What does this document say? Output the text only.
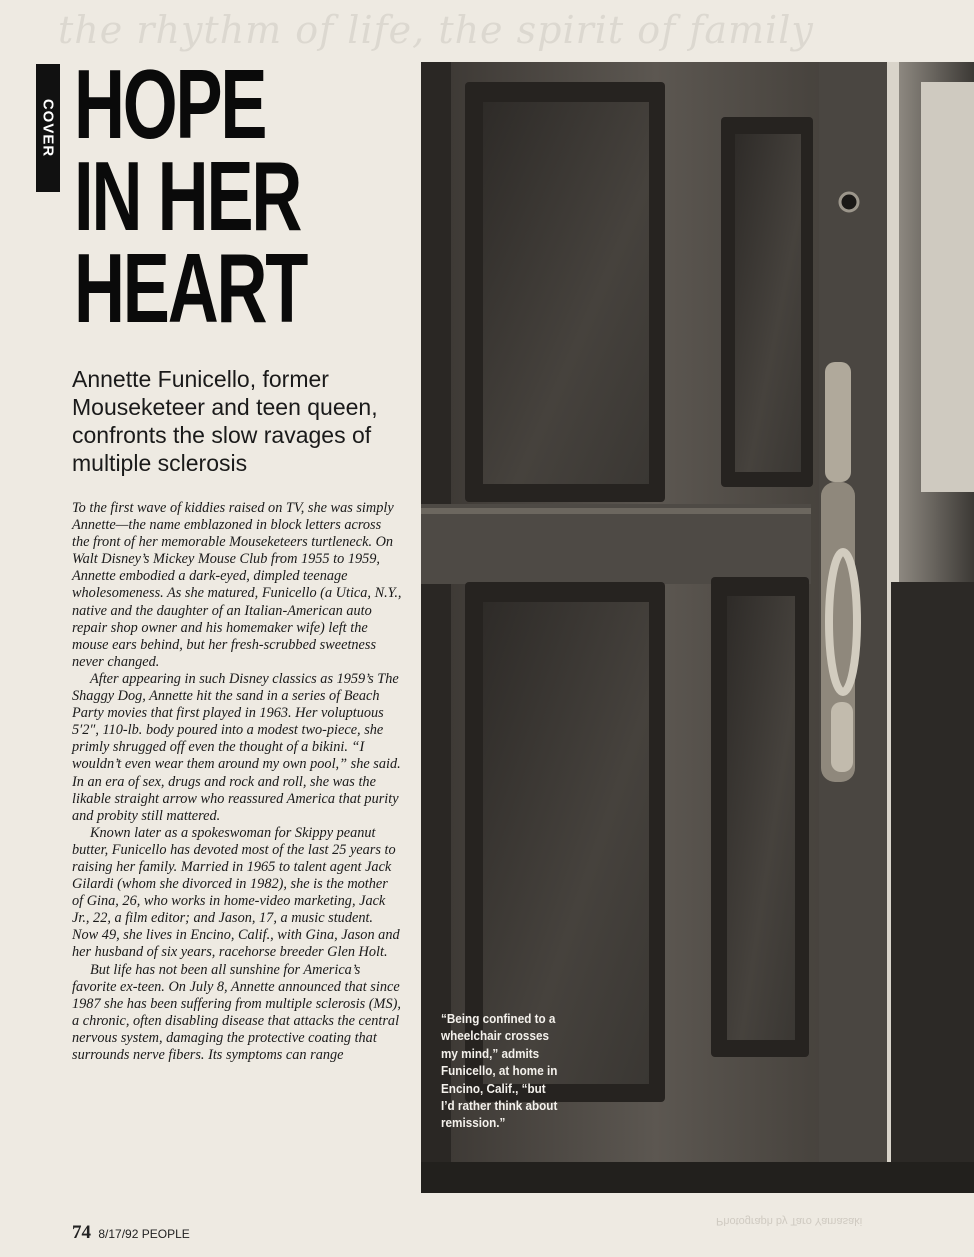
the rhythm of life, the spirit of family
COVER HOPE
IN HER
HEART
Annette Funicello, former Mouseketeer and teen queen, confronts the slow ravages of multiple sclerosis

To the first wave of kiddies raised on TV, she was simply Annette—the name emblazoned in block letters across the front of her memorable Mouseketeers turtleneck. On Walt Disney’s Mickey Mouse Club from 1955 to 1959, Annette embodied a dark-eyed, dimpled teenage wholesomeness. As she matured, Funicello (a Utica, N.Y., native and the daughter of an Italian-American auto repair shop owner and his homemaker wife) left the mouse ears behind, but her fresh-scrubbed sweetness never changed.

After appearing in such Disney classics as 1959’s The Shaggy Dog, Annette hit the sand in a series of Beach Party movies that first played in 1963. Her voluptuous 5′2″, 110-lb. body poured into a modest two-piece, she primly shrugged off even the thought of a bikini. “I wouldn’t even wear them around my own pool,” she said. In an era of sex, drugs and rock and roll, she was the likable straight arrow who reassured America that purity and probity still mattered.

Known later as a spokeswoman for Skippy peanut butter, Funicello has devoted most of the last 25 years to raising her family. Married in 1965 to talent agent Jack Gilardi (whom she divorced in 1982), she is the mother of Gina, 26, who works in home-video marketing, Jack Jr., 22, a film editor; and Jason, 17, a music student. Now 49, she lives in Encino, Calif., with Gina, Jason and her husband of six years, racehorse breeder Glen Holt.

But life has not been all sunshine for America’s favorite ex-teen. On July 8, Annette announced that since 1987 she has been suffering from multiple sclerosis (MS), a chronic, often disabling disease that attacks the central nervous system, damaging the protective coating that surrounds nerve fibers. Its symptoms can range

“Being confined to a wheelchair crosses my mind,” admits Funicello, at home in Encino, Calif., “but I’d rather think about remission.”
74 8/17/92 PEOPLE
Photograph by Taro Yamasaki
